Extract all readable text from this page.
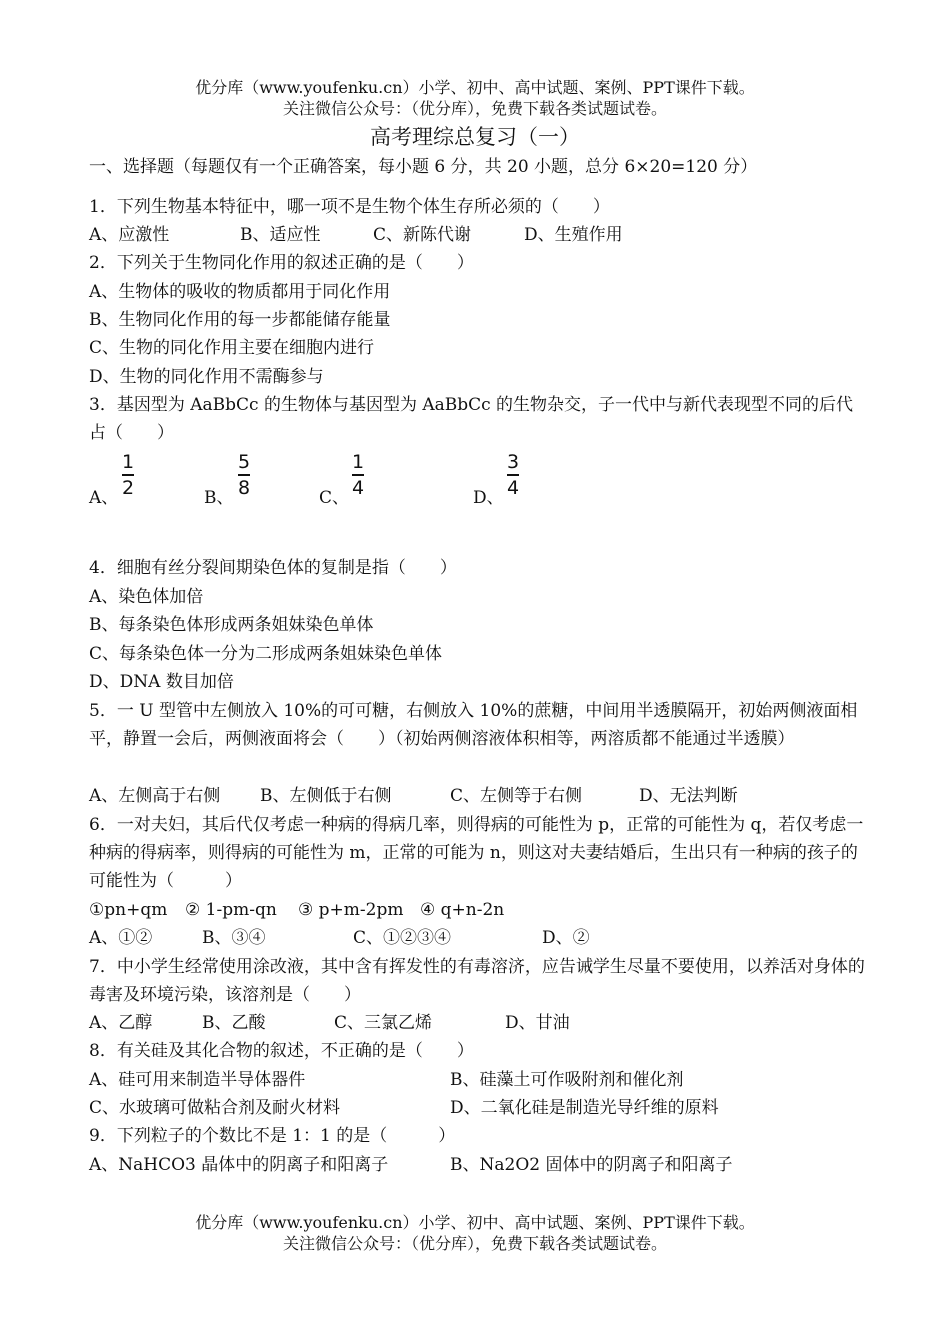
优分库（www.youfenku.cn）小学、初中、高中试题、案例、PPT课件下载。
关注微信公众号：（优分库），免费下载各类试题试卷。
高考理综总复习（一）
一、选择题（每题仅有一个正确答案，每小题 6 分，共 20 小题，总分 6×20=120 分）
1．下列生物基本特征中，哪一项不是生物个体生存所必须的（　　）
A、应激性	B、适应性	C、新陈代谢	D、生殖作用
2．下列关于生物同化作用的叙述正确的是（　　）
A、生物体的吸收的物质都用于同化作用
B、生物同化作用的每一步都能储存能量
C、生物的同化作用主要在细胞内进行
D、生物的同化作用不需酶参与
3．基因型为 AaBbCc 的生物体与基因型为 AaBbCc 的生物杂交，子一代中与新代表现型不同的后代占（　　）
A、
1
2	B、
5
8	C、
1
4	D、
3
4
4．细胞有丝分裂间期染色体的复制是指（　　）
A、染色体加倍
B、每条染色体形成两条姐妹染色单体
C、每条染色体一分为二形成两条姐妹染色单体
D、DNA 数目加倍
5．一 U 型管中左侧放入 10%的可可糖，右侧放入 10%的蔗糖，中间用半透膜隔开，初始两侧液面相平，静置一会后，两侧液面将会（　　）（初始两侧溶液体积相等，两溶质都不能通过半透膜）
A、左侧高于右侧 B、左侧低于右侧	C、左侧等于右侧	D、无法判断
6．一对夫妇，其后代仅考虑一种病的得病几率，则得病的可能性为 p，正常的可能性为 q，若仅考虑一种病的得病率，则得病的可能性为 m，正常的可能为 n，则这对夫妻结婚后，生出只有一种病的孩子的可能性为（　　　）
①pn+qm ② 1-pm-qn ③ p+m-2pm ④ q+n-2n
A、①②	B、③④	C、①②③④	D、②
7．中小学生经常使用涂改液，其中含有挥发性的有毒溶济，应告诫学生尽量不要使用，以养活对身体的毒害及环境污染，该溶剂是（　　）
A、乙醇	B、乙酸	C、三氯乙烯	D、甘油
8．有关硅及其化合物的叙述，不正确的是（　　）
A、硅可用来制造半导体器件	B、硅藻土可作吸附剂和催化剂
C、水玻璃可做粘合剂及耐火材料	D、二氧化硅是制造光导纤维的原料
9．下列粒子的个数比不是 1：1 的是（　　　）
A、NaHCO3 晶体中的阴离子和阳离子	B、Na2O2 固体中的阴离子和阳离子
优分库（www.youfenku.cn）小学、初中、高中试题、案例、PPT课件下载。
关注微信公众号：（优分库），免费下载各类试题试卷。
